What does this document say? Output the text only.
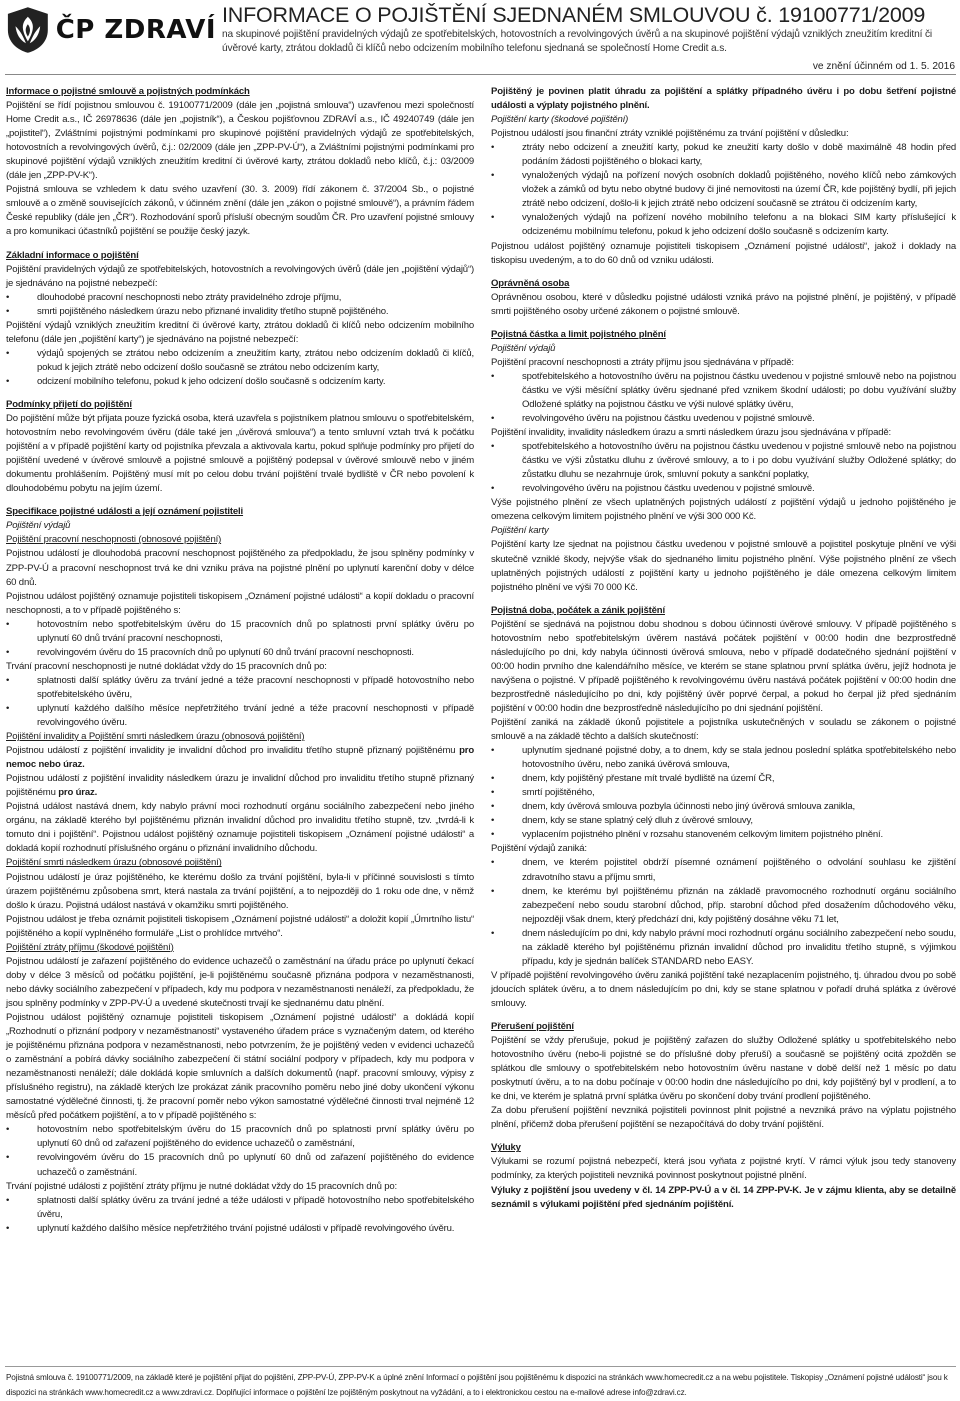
ČP ZDRAVÍ INFORMACE O POJIŠTĚNÍ SJEDNANÉM SMLOUVOU č. 19100771/2009
na skupinové pojištění pravidelných výdajů ze spotřebitelských, hotovostních a revolvingových úvěrů a na skupinové pojištění výdajů vzniklých zneužitím kreditní či úvěrové karty, ztrátou dokladů či klíčů nebo odcizením mobilního telefonu sjednaná se společností Home Credit a.s.
ve znění účinném od 1. 5. 2016

Informace o pojistné smlouvě a pojistných podmínkách

Pojištění se řídí pojistnou smlouvou č. 19100771/2009 (dále jen „pojistná smlouva“) uzavřenou mezi společností Home Credit a.s., IČ 26978636 (dále jen „pojistník“), a Českou pojišťovnou ZDRAVÍ a.s., IČ 49240749 (dále jen „pojistitel“), Zvláštními pojistnými podmínkami pro skupinové pojištění pravidelných výdajů ze spotřebitelských, hotovostních a revolvingových úvěrů, č.j.: 02/2009 (dále jen „ZPP-PV-Ú“), a Zvláštními pojistnými podmínkami pro skupinové pojištění výdajů vzniklých zneužitím kreditní či úvěrové karty, ztrátou dokladů nebo klíčů, č.j.: 03/2009 (dále jen „ZPP-PV-K“).

Pojistná smlouva se vzhledem k datu svého uzavření (30. 3. 2009) řídí zákonem č. 37/2004 Sb., o pojistné smlouvě a o změně souvisejících zákonů, v účinném znění (dále jen „zákon o pojistné smlouvě“), a právním řádem České republiky (dále jen „ČR“). Rozhodování sporů přísluší obecným soudům ČR. Pro uzavření pojistné smlouvy a pro komunikaci účastníků pojištění se použije český jazyk.

Základní informace o pojištění

Pojištění pravidelných výdajů ze spotřebitelských, hotovostních a revolvingových úvěrů (dále jen „pojištění výdajů“) je sjednáváno na pojistné nebezpečí:

• dlouhodobé pracovní neschopnosti nebo ztráty pravidelného zdroje příjmu,
• smrti pojištěného následkem úrazu nebo přiznané invalidity třetího stupně pojištěného.

Pojištění výdajů vzniklých zneužitím kreditní či úvěrové karty, ztrátou dokladů či klíčů nebo odcizením mobilního telefonu (dále jen „pojištění karty“) je sjednáváno na pojistné nebezpečí:

• výdajů spojených se ztrátou nebo odcizením a zneužitím karty, ztrátou nebo odcizením dokladů či klíčů, pokud k jejich ztrátě nebo odcizení došlo současně se ztrátou nebo odcizením karty,
• odcizení mobilního telefonu, pokud k jeho odcizení došlo současně s odcizením karty.

Podmínky přijetí do pojištění

Do pojištění může být přijata pouze fyzická osoba, která uzavřela s pojistníkem platnou smlouvu o spotřebitelském, hotovostním nebo revolvingovém úvěru (dále také jen „úvěrová smlouva“) a tento smluvní vztah trvá k počátku pojištění a v případě pojištění karty od pojistníka převzala a aktivovala kartu, pokud splňuje podmínky pro přijetí do pojištění uvedené v úvěrové smlouvě a pojistné smlouvě a pojištěný podepsal v úvěrové smlouvě nebo v jiném dokumentu prohlášením. Pojištěný musí mít po celou dobu trvání pojištění trvalé bydliště v ČR nebo povolení k dlouhodobému pobytu na jejím území.

Specifikace pojistné události a její oznámení pojistiteli

Pojištění výdajů

Pojištění pracovní neschopnosti (obnosové pojištění)

Pojistnou událostí je dlouhodobá pracovní neschopnost pojištěného za předpokladu, že jsou splněny podmínky v ZPP-PV-Ú a pracovní neschopnost trvá ke dni vzniku práva na pojistné plnění po uplynutí karenční doby v délce 60 dnů.

Pojistnou událost pojištěný oznamuje pojistiteli tiskopisem „Oznámení pojistné události“ a kopií dokladu o pracovní neschopnosti, a to v případě pojištěného s:

• hotovostním nebo spotřebitelským úvěru do 15 pracovních dnů po splatnosti první splátky úvěru po uplynutí 60 dnů trvání pracovní neschopnosti,
• revolvingovém úvěru do 15 pracovních dnů po uplynutí 60 dnů trvání pracovní neschopnosti.

Trvání pracovní neschopnosti je nutné dokládat vždy do 15 pracovních dnů po:

• splatnosti další splátky úvěru za trvání jedné a téže pracovní neschopnosti v případě hotovostního nebo spotřebitelského úvěru,
• uplynutí každého dalšího měsíce nepřetržitého trvání jedné a téže pracovní neschopnosti v případě revolvingového úvěru.

Pojištění invalidity a Pojištění smrti následkem úrazu (obnosová pojištění)

Pojistnou událostí z pojištění invalidity je invalidní důchod pro invaliditu třetího stupně přiznaný pojištěnému pro nemoc nebo úraz.

Pojistnou událostí z pojištění invalidity následkem úrazu je invalidní důchod pro invaliditu třetího stupně přiznaný pojištěnému pro úraz.

Pojistná událost nastává dnem, kdy nabylo právní moci rozhodnutí orgánu sociálního zabezpečení nebo jiného orgánu, na základě kterého byl pojištěnému přiznán invalidní důchod pro invaliditu třetího stupně, tzv. „tvrdá-li k tomuto dni i pojištění“. Pojistnou událost pojištěný oznamuje pojistiteli tiskopisem „Oznámení pojistné události“ a dokladá kopií rozhodnutí příslušného orgánu o přiznání invalidního důchodu.

Pojištění smrti následkem úrazu (obnosové pojištění)

Pojistnou událostí je úraz pojištěného, ke kterému došlo za trvání pojištění, byla-li v příčinné souvislosti s tímto úrazem pojištěnému způsobena smrt, která nastala za trvání pojištění, a to nejpozději do 1 roku ode dne, v němž došlo k úrazu. Pojistná událost nastává v okamžiku smrti pojištěného.

Pojistnou událost je třeba oznámit pojistiteli tiskopisem „Oznámení pojistné události“ a doložit kopií „Úmrtního listu“ pojištěného a kopií vyplněného formuláře „List o prohlídce mrtvého“.

Pojištění ztráty příjmu (škodové pojištění)

Pojistnou událostí je zařazení pojištěného do evidence uchazečů o zaměstnání na úřadu práce po uplynutí čekací doby v délce 3 měsíců od počátku pojištění, je-li pojištěnému současně přiznána podpora v nezaměstnanosti, nebo dávky sociálního zabezpečení v případech, kdy mu podpora v nezaměstnanosti nenáleží, za předpokladu, že jsou splněny podmínky v ZPP-PV-Ú a uvedené skutečnosti trvají ke sjednanému datu plnění.

Pojistnou událost pojištěný oznamuje pojistiteli tiskopisem „Oznámení pojistné události“ a dokládá kopií „Rozhodnutí o přiznání podpory v nezaměstnanosti“ vystaveného úřadem práce s vyznačeným datem, od kterého je pojištěnému přiznána podpora v nezaměstnanosti, nebo potvrzením, že je pojištěný veden v evidenci uchazečů o zaměstnání a pobírá dávky sociálního zabezpečení či státní sociální podpory v případech, kdy mu podpora v nezaměstnanosti nenáleží; dále dokládá kopie smluvních a dalších dokumentů (např. pracovní smlouvy, výpisy z příslušného registru), na základě kterých lze prokázat zánik pracovního poměru nebo jiné doby ukončení výkonu samostatné výdělečné činnosti, tj. že pracovní poměr nebo výkon samostatné výdělečné činnosti trval nejméně 12 měsíců před počátkem pojištění, a to v případě pojištěného s:

• hotovostním nebo spotřebitelským úvěru do 15 pracovních dnů po splatnosti první splátky úvěru po uplynutí 60 dnů od zařazení pojištěného do evidence uchazečů o zaměstnání,
• revolvingovém úvěru do 15 pracovních dnů po uplynutí 60 dnů od zařazení pojištěného do evidence uchazečů o zaměstnání.

Trvání pojistné události z pojištění ztráty příjmu je nutné dokládat vždy do 15 pracovních dnů po:

• splatnosti další splátky úvěru za trvání jedné a téže události v případě hotovostního nebo spotřebitelského úvěru,
• uplynutí každého dalšího měsíce nepřetržitého trvání pojistné události v případě revolvingového úvěru.

Pojištěný je povinen platit úhradu za pojištění a splátky případného úvěru i po dobu šetření pojistné události a výplaty pojistného plnění.

Pojištění karty (škodové pojištění)

Pojistnou událostí jsou finanční ztráty vzniklé pojištěnému za trvání pojištění v důsledku:

• ztráty nebo odcizení a zneužití karty, pokud ke zneužití karty došlo v době maximálně 48 hodin před podáním žádosti pojištěného o blokaci karty,
• vynaložených výdajů na pořízení nových osobních dokladů pojištěného, nového klíčů nebo zámkových vložek a zámků od bytu nebo obytné budovy či jiné nemovitosti na území ČR, kde pojištěný bydlí, při jejich ztrátě nebo odcizení, došlo-li k jejich ztrátě nebo odcizení současně se ztrátou či odcizením karty,
• vynaložených výdajů na pořízení nového mobilního telefonu a na blokaci SIM karty příslušející k odcizenému mobilnímu telefonu, pokud k jeho odcizení došlo současně s odcizením karty.

Pojistnou událost pojištěný oznamuje pojistiteli tiskopisem „Oznámení pojistné události“, jakož i doklady na tiskopisu uvedeným, a to do 60 dnů od vzniku události.

Oprávněná osoba

Oprávněnou osobou, které v důsledku pojistné události vzniká právo na pojistné plnění, je pojištěný, v případě smrti pojištěného osoby určené zákonem o pojistné smlouvě.

Pojistná částka a limit pojistného plnění

Pojištění výdajů

Pojištění pracovní neschopnosti a ztráty příjmu jsou sjednávána v případě:

• spotřebitelského a hotovostního úvěru na pojistnou částku uvedenou v pojistné smlouvě nebo na pojistnou částku ve výši měsíční splátky úvěru sjednané před vznikem škodní události; po dobu využívání služby Odložené splátky na pojistnou částku ve výši nulové splátky úvěru,
• revolvingového úvěru na pojistnou částku uvedenou v pojistné smlouvě.

Pojištění invalidity, invalidity následkem úrazu a smrti následkem úrazu jsou sjednávána v případě:

• spotřebitelského a hotovostního úvěru na pojistnou částku uvedenou v pojistné smlouvě nebo na pojistnou částku ve výši zůstatku dluhu z úvěrové smlouvy, a to i po dobu využívání služby Odložené splátky; do zůstatku dluhu se nezahrnuje úrok, smluvní pokuty a sankční poplatky,
• revolvingového úvěru na pojistnou částku uvedenou v pojistné smlouvě.

Výše pojistného plnění ze všech uplatněných pojistných událostí z pojištění výdajů u jednoho pojištěného je omezena celkovým limitem pojistného plnění ve výši 300 000 Kč.

Pojištění karty

Pojištění karty lze sjednat na pojistnou částku uvedenou v pojistné smlouvě a pojistitel poskytuje plnění ve výši skutečně vzniklé škody, nejvýše však do sjednaného limitu pojistného plnění. Výše pojistného plnění ze všech uplatněných pojistných událostí z pojištění karty u jednoho pojištěného je dále omezena celkovým limitem pojistného plnění ve výši 70 000 Kč.

Pojistná doba, počátek a zánik pojištění

Pojištění se sjednává na pojistnou dobu shodnou s dobou účinnosti úvěrové smlouvy. V případě pojištěného s hotovostním nebo spotřebitelským úvěrem nastává počátek pojištění v 00:00 hodin dne bezprostředně následujícího po dni, kdy nabyla účinnosti úvěrová smlouva, nebo v případě dodatečného sjednání pojištění v 00:00 hodin prvního dne kalendářního měsíce, ve kterém se stane splatnou první splátka úvěru, jejíž hodnota je navýšena o pojistné. V případě pojištěného k revolvingovému úvěru nastává počátek pojištění v 00:00 hodin dne bezprostředně následujícího po dni, kdy pojištěný úvěr poprvé čerpal, a pokud ho čerpal již před sjednáním pojištění v 00:00 hodin dne bezprostředně následujícího po dni sjednání pojištění.

Pojištění zaniká na základě úkonů pojistitele a pojistníka uskutečněných v souladu se zákonem o pojistné smlouvě a na základě těchto a dalších skutečností:

• uplynutím sjednané pojistné doby, a to dnem, kdy se stala jednou poslední splátka spotřebitelského nebo hotovostního úvěru, nebo zaniká úvěrová smlouva,
• dnem, kdy pojištěný přestane mít trvalé bydliště na území ČR,
• smrtí pojištěného,
• dnem, kdy úvěrová smlouva pozbyla účinnosti nebo jiný úvěrová smlouva zanikla,
• dnem, kdy se stane splatný celý dluh z úvěrové smlouvy,
• vyplacením pojistného plnění v rozsahu stanoveném celkovým limitem pojistného plnění.

Pojištění výdajů zaniká:

• dnem, ve kterém pojistitel obdrží písemné oznámení pojištěného o odvolání souhlasu ke zjištění zdravotního stavu a příjmu smrti,
• dnem, ke kterému byl pojištěnému přiznán na základě pravomocného rozhodnutí orgánu sociálního zabezpečení nebo soudu starobní důchod, příp. starobní důchod před dosažením důchodového věku, nejpozději však dnem, který předchází dni, kdy pojištěný dosáhne věku 71 let,
• dnem následujícím po dni, kdy nabylo právní moci rozhodnutí orgánu sociálního zabezpečení nebo soudu, na základě kterého byl pojištěnému přiznán invalidní důchod pro invaliditu třetího stupně, s výjimkou případu, kdy je sjednán balíček STANDARD nebo EASY.

V případě pojištění revolvingového úvěru zaniká pojištění také nezaplacením pojistného, tj. úhradou dvou po sobě jdoucích splátek úvěru, a to dnem následujícím po dni, kdy se stane splatnou v pořadí druhá splátka z úvěrové smlouvy.

Přerušení pojištění

Pojištění se vždy přerušuje, pokud je pojištěný zařazen do služby Odložené splátky u spotřebitelského nebo hotovostního úvěru (nebo-li pojistné se do příslušné doby přeruší) a současně se pojištěný ocitá zpožděn se splátkou dle smlouvy o spotřebitelském nebo hotovostním úvěru nastane v době delší než 1 měsíc po datu poskytnutí úvěru, a to na dobu počínaje v 00:00 hodin dne následujícího po dni, kdy pojištěný byl v prodlení, a to ke dni, ve kterém je splatná první splátka úvěru po skončení doby trvání prodlení pojištěného.

Za dobu přerušení pojištění nevzniká pojistiteli povinnost plnit pojistné a nevzniká právo na výplatu pojistného plnění, přičemž doba přerušení pojištění se nezapočítává do doby trvání pojištění.

Výluky

Výlukami se rozumí pojistná nebezpečí, která jsou vyňata z pojistné krytí. V rámci výluk jsou tedy stanoveny podmínky, za kterých pojistiteli nevzniká povinnost poskytnout pojistné plnění.

Výluky z pojištění jsou uvedeny v čl. 14 ZPP-PV-Ú a v čl. 14 ZPP-PV-K. Je v zájmu klienta, aby se detailně seznámil s výlukami pojištění před sjednáním pojištění.

Pojistná smlouva č. 19100771/2009, na základě které je pojištění přijat do pojištění, ZPP-PV-Ú, ZPP-PV-K a úplné znění Informací o pojištění jsou pojištěnému k dispozici na stránkách www.homecredit.cz a na webu pojistitele. Tiskopisy „Oznámení pojistné události“ jsou k dispozici na stránkách www.homecredit.cz a www.zdravi.cz. Doplňující informace o pojištění lze pojištěným poskytnout na vyžádání, a to i elektronickou cestou na e-mailové adrese info@zdravi.cz.
